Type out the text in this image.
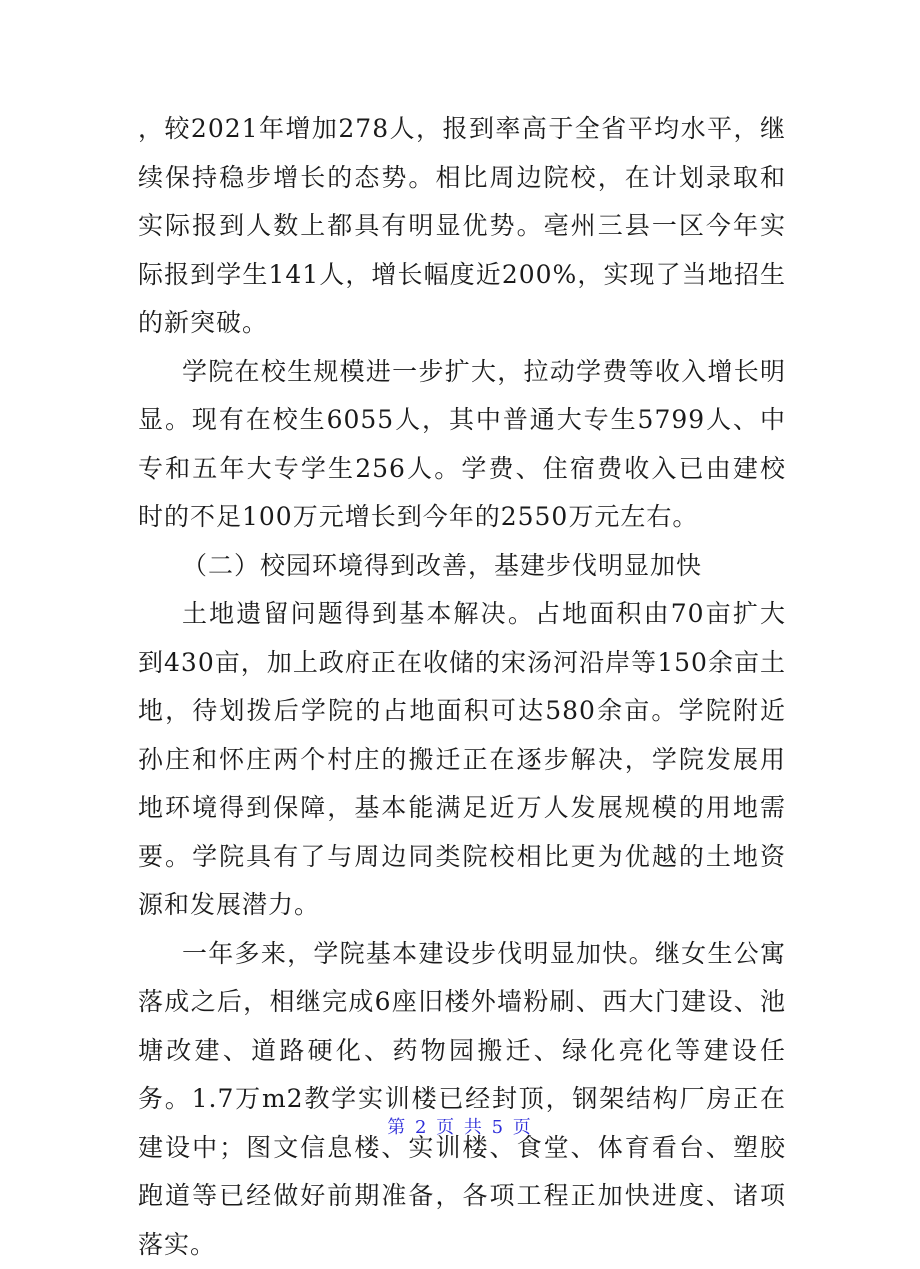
，较2021年增加278人，报到率高于全省平均水平，继续保持稳步增长的态势。相比周边院校，在计划录取和实际报到人数上都具有明显优势。亳州三县一区今年实际报到学生141人，增长幅度近200%，实现了当地招生的新突破。

学院在校生规模进一步扩大，拉动学费等收入增长明显。现有在校生6055人，其中普通大专生5799人、中专和五年大专学生256人。学费、住宿费收入已由建校时的不足100万元增长到今年的2550万元左右。

（二）校园环境得到改善，基建步伐明显加快

土地遗留问题得到基本解决。占地面积由70亩扩大到430亩，加上政府正在收储的宋汤河沿岸等150余亩土地，待划拨后学院的占地面积可达580余亩。学院附近孙庄和怀庄两个村庄的搬迁正在逐步解决，学院发展用地环境得到保障，基本能满足近万人发展规模的用地需要。学院具有了与周边同类院校相比更为优越的土地资源和发展潜力。

一年多来，学院基本建设步伐明显加快。继女生公寓落成之后，相继完成6座旧楼外墙粉刷、西大门建设、池塘改建、道路硬化、药物园搬迁、绿化亮化等建设任务。1.7万m2教学实训楼已经封顶，钢架结构厂房正在建设中；图文信息楼、实训楼、食堂、体育看台、塑胶跑道等已经做好前期准备，各项工程正加快进度、诸项落实。

第 2 页 共 5 页
